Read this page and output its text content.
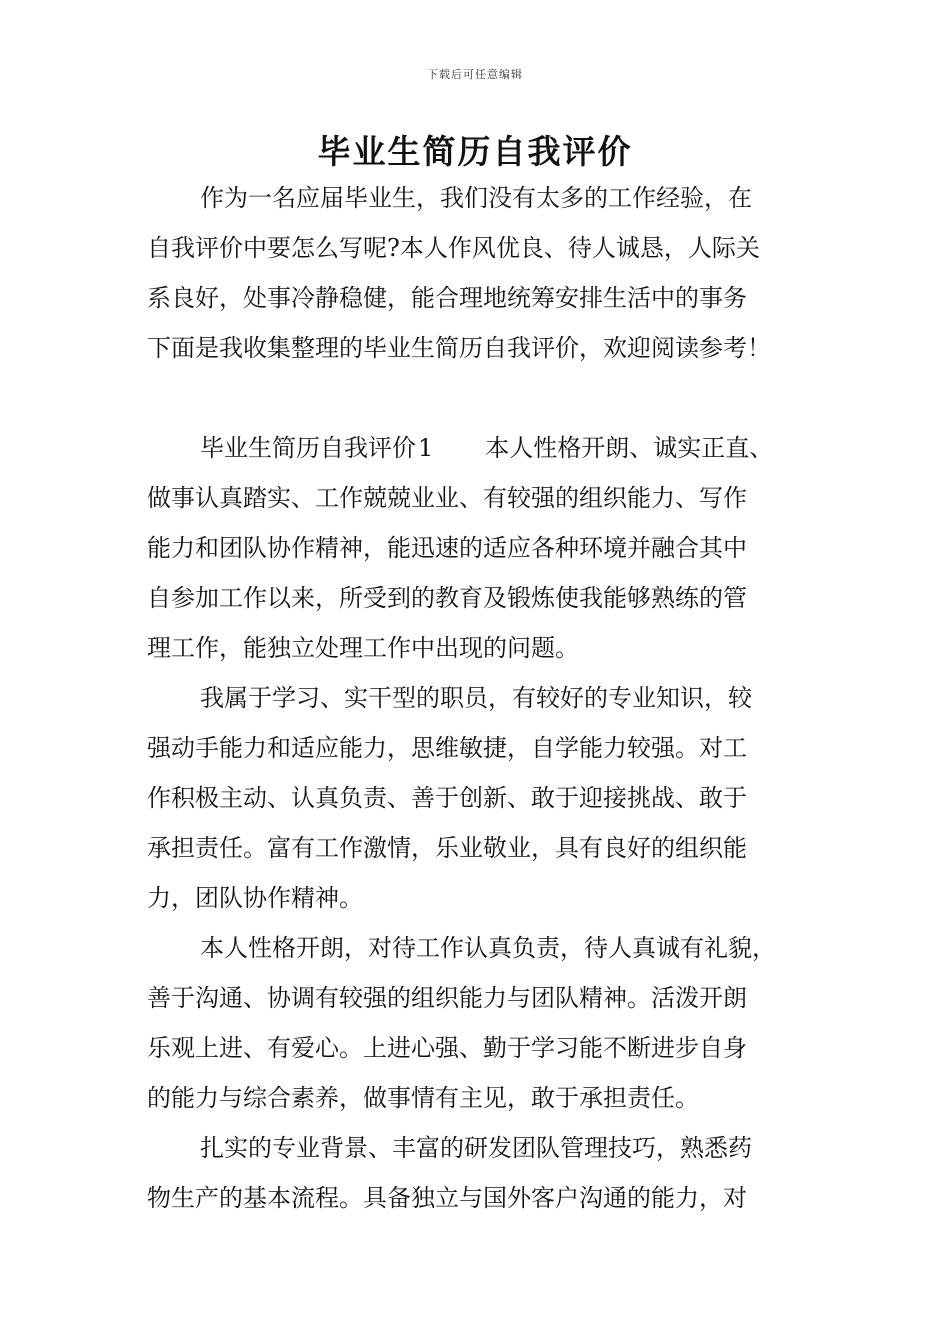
下载后可任意编辑
毕业生简历自我评价
作为一名应届毕业生，我们没有太多的工作经验，在
自我评价中要怎么写呢?本人作风优良、待人诚恳，人际关
系良好，处事冷静稳健，能合理地统筹安排生活中的事务
下面是我收集整理的毕业生简历自我评价，欢迎阅读参考！
毕业生简历自我评价1 本人性格开朗、诚实正直、
做事认真踏实、工作兢兢业业、有较强的组织能力、写作
能力和团队协作精神，能迅速的适应各种环境并融合其中
自参加工作以来，所受到的教育及锻炼使我能够熟练的管
理工作，能独立处理工作中出现的问题。
我属于学习、实干型的职员，有较好的专业知识，较
强动手能力和适应能力，思维敏捷，自学能力较强。对工
作积极主动、认真负责、善于创新、敢于迎接挑战、敢于
承担责任。富有工作激情，乐业敬业，具有良好的组织能
力，团队协作精神。
本人性格开朗，对待工作认真负责，待人真诚有礼貌，
善于沟通、协调有较强的组织能力与团队精神。活泼开朗
乐观上进、有爱心。上进心强、勤于学习能不断进步自身
的能力与综合素养，做事情有主见，敢于承担责任。
扎实的专业背景、丰富的研发团队管理技巧，熟悉药
物生产的基本流程。具备独立与国外客户沟通的能力，对
